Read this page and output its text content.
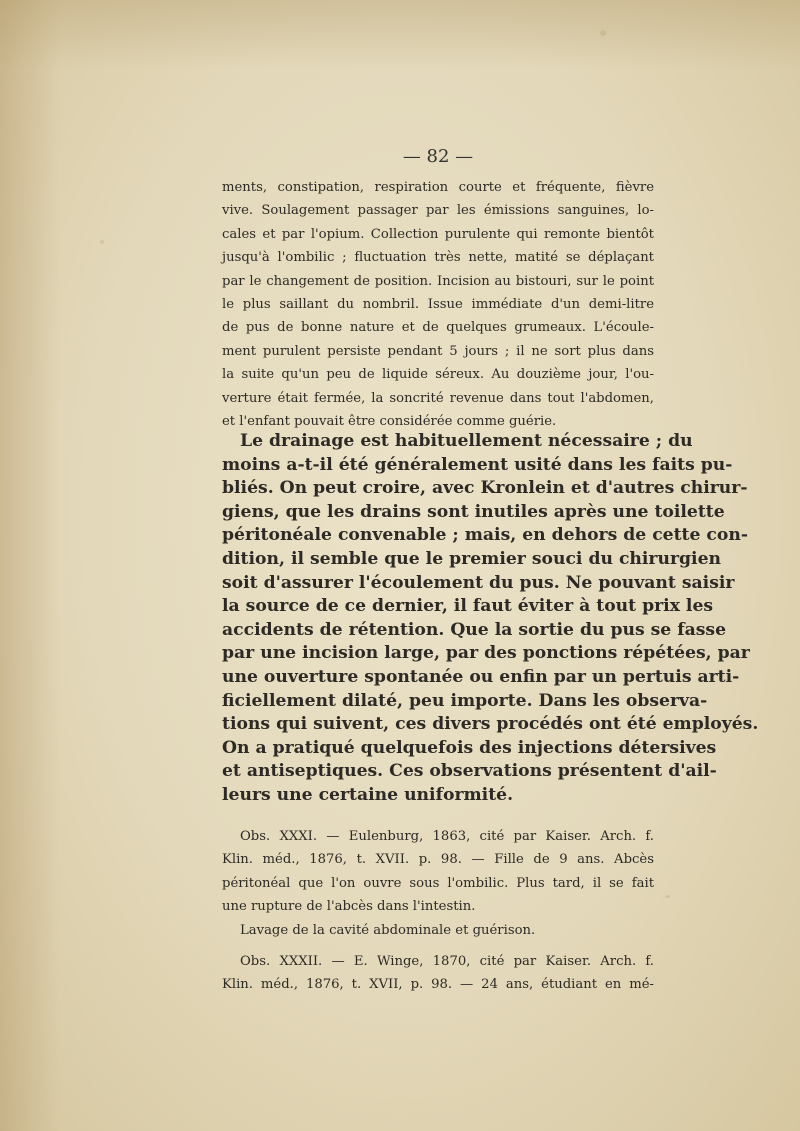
— 82 —

ments, constipation, respiration courte et fréquente, fièvre
vive. Soulagement passager par les émissions sanguines, lo-
cales et par l'opium. Collection purulente qui remonte bientôt
jusqu'à l'ombilic ; fluctuation très nette, matité se déplaçant
par le changement de position. Incision au bistouri, sur le point
le plus saillant du nombril. Issue immédiate d'un demi-litre
de pus de bonne nature et de quelques grumeaux. L'écoule-
ment purulent persiste pendant 5 jours ; il ne sort plus dans
la suite qu'un peu de liquide séreux. Au douzième jour, l'ou-
verture était fermée, la soncrité revenue dans tout l'abdomen,
et l'enfant pouvait être considérée comme guérie.
Le drainage est habituellement nécessaire ; du
moins a-t-il été généralement usité dans les faits pu-
bliés. On peut croire, avec Kronlein et d'autres chirur-
giens, que les drains sont inutiles après une toilette
péritonéale convenable ; mais, en dehors de cette con-
dition, il semble que le premier souci du chirurgien
soit d'assurer l'écoulement du pus. Ne pouvant saisir
la source de ce dernier, il faut éviter à tout prix les
accidents de rétention. Que la sortie du pus se fasse
par une incision large, par des ponctions répétées, par
une ouverture spontanée ou enfin par un pertuis arti-
ficiellement dilaté, peu importe. Dans les observa-
tions qui suivent, ces divers procédés ont été employés.
On a pratiqué quelquefois des injections détersives
et antiseptiques. Ces observations présentent d'ail-
leurs une certaine uniformité.
Obs. XXXI. — Eulenburg, 1863, cité par Kaiser. Arch. f.
Klin. méd., 1876, t. XVII. p. 98. — Fille de 9 ans. Abcès
péritonéal que l'on ouvre sous l'ombilic. Plus tard, il se fait
une rupture de l'abcès dans l'intestin.
Lavage de la cavité abdominale et guérison.
Obs. XXXII. — E. Winge, 1870, cité par Kaiser. Arch. f.
Klin. méd., 1876, t. XVII, p. 98. — 24 ans, étudiant en mé-
